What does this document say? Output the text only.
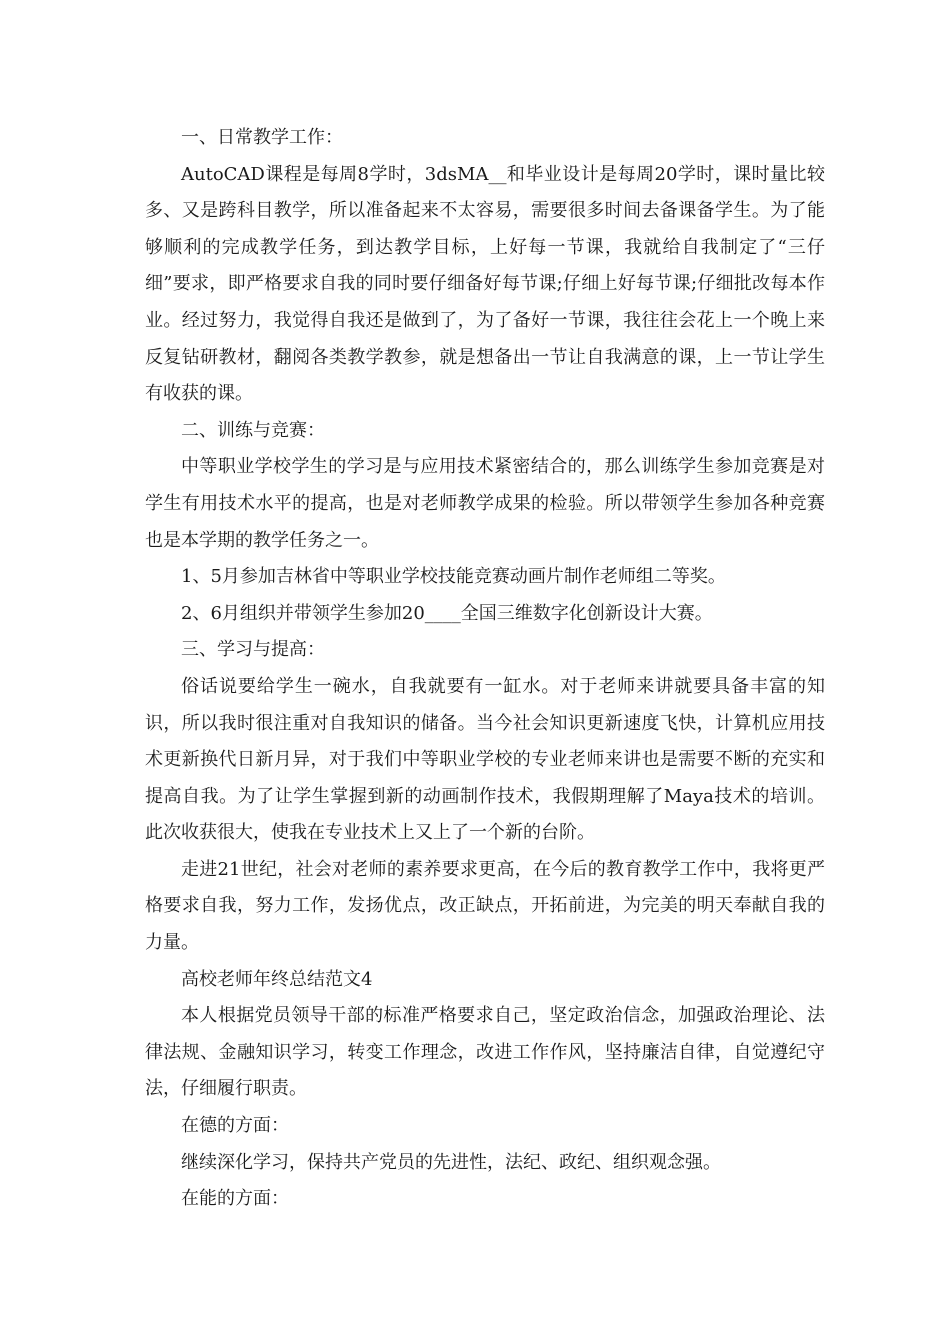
一、日常教学工作：

AutoCAD课程是每周8学时，3dsMA__和毕业设计是每周20学时，课时量比较多、又是跨科目教学，所以准备起来不太容易，需要很多时间去备课备学生。为了能够顺利的完成教学任务，到达教学目标，上好每一节课，我就给自我制定了“三仔细”要求，即严格要求自我的同时要仔细备好每节课;仔细上好每节课;仔细批改每本作业。经过努力，我觉得自我还是做到了，为了备好一节课，我往往会花上一个晚上来反复钻研教材，翻阅各类教学教参，就是想备出一节让自我满意的课，上一节让学生有收获的课。

二、训练与竞赛：

中等职业学校学生的学习是与应用技术紧密结合的，那么训练学生参加竞赛是对学生有用技术水平的提高，也是对老师教学成果的检验。所以带领学生参加各种竞赛也是本学期的教学任务之一。

1、5月参加吉林省中等职业学校技能竞赛动画片制作老师组二等奖。

2、6月组织并带领学生参加20____全国三维数字化创新设计大赛。

三、学习与提高：

俗话说要给学生一碗水，自我就要有一缸水。对于老师来讲就要具备丰富的知识，所以我时很注重对自我知识的储备。当今社会知识更新速度飞快，计算机应用技术更新换代日新月异，对于我们中等职业学校的专业老师来讲也是需要不断的充实和提高自我。为了让学生掌握到新的动画制作技术，我假期理解了Maya技术的培训。此次收获很大，使我在专业技术上又上了一个新的台阶。

走进21世纪，社会对老师的素养要求更高，在今后的教育教学工作中，我将更严格要求自我，努力工作，发扬优点，改正缺点，开拓前进，为完美的明天奉献自我的力量。

高校老师年终总结范文4

本人根据党员领导干部的标准严格要求自己，坚定政治信念，加强政治理论、法律法规、金融知识学习，转变工作理念，改进工作作风，坚持廉洁自律，自觉遵纪守法，仔细履行职责。

在德的方面：

继续深化学习，保持共产党员的先进性，法纪、政纪、组织观念强。

在能的方面：
